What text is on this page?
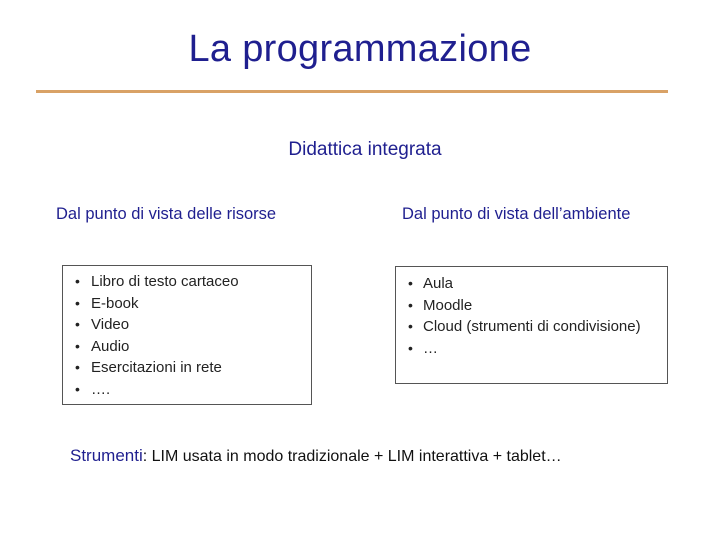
La programmazione
Didattica integrata
Dal punto di vista delle risorse	Dal punto di vista dell’ambiente
• Libro di testo cartaceo
• E-book
• Video
• Audio
• Esercitazioni in rete
• ….
• Aula
• Moodle
• Cloud (strumenti di condivisione)
• …
Strumenti: LIM usata in modo tradizionale + LIM interattiva + tablet…
